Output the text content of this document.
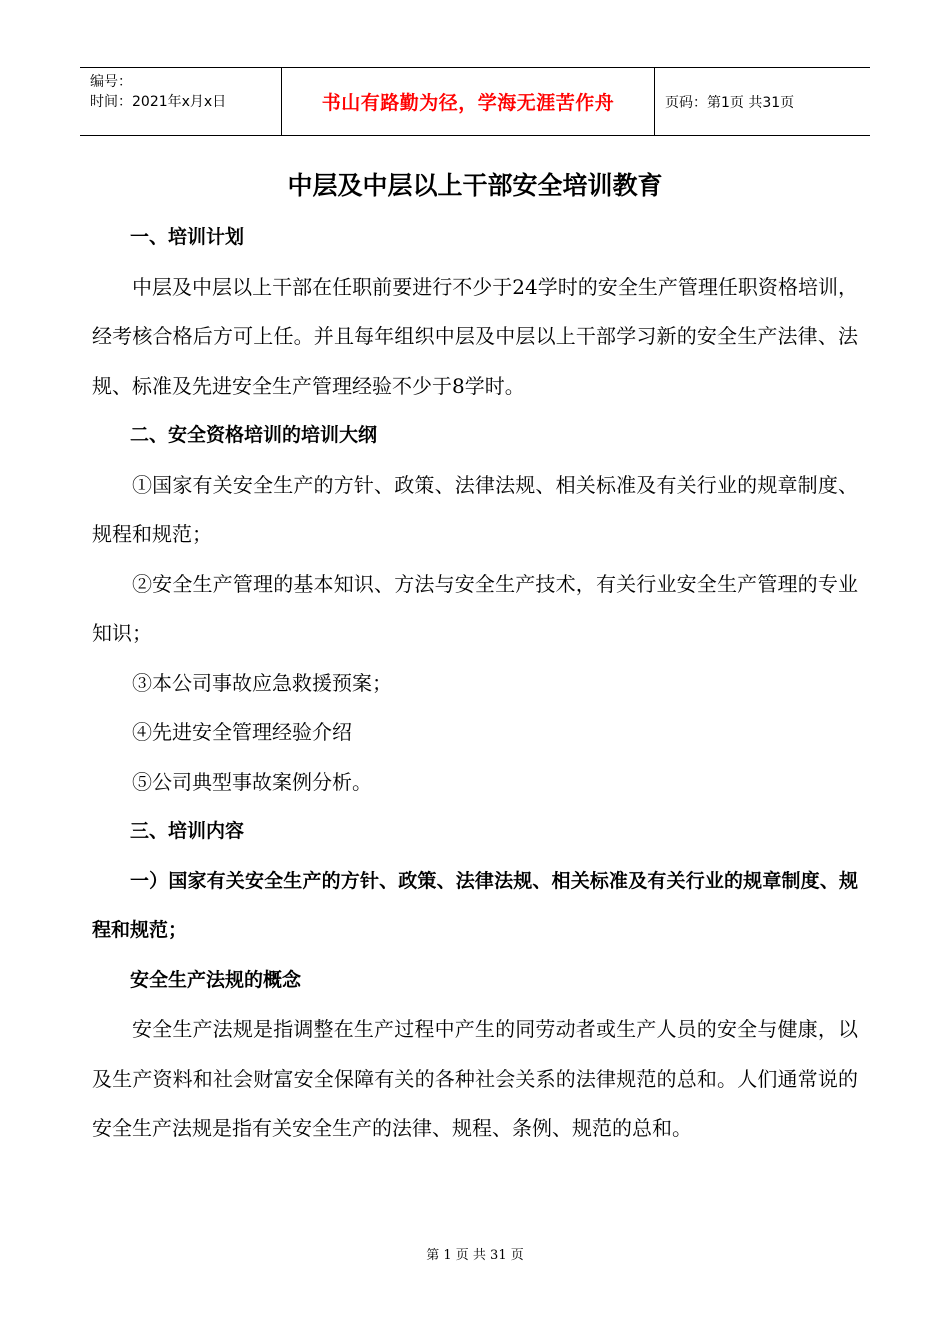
编号：
时间：2021年x月x日	书山有路勤为径，学海无涯苦作舟	页码：第1页 共31页
中层及中层以上干部安全培训教育

一、培训计划

中层及中层以上干部在任职前要进行不少于24学时的安全生产管理任职资格培训，经考核合格后方可上任。并且每年组织中层及中层以上干部学习新的安全生产法律、法规、标准及先进安全生产管理经验不少于8学时。

二、安全资格培训的培训大纲

①国家有关安全生产的方针、政策、法律法规、相关标准及有关行业的规章制度、规程和规范；

②安全生产管理的基本知识、方法与安全生产技术，有关行业安全生产管理的专业知识；

③本公司事故应急救援预案；

④先进安全管理经验介绍

⑤公司典型事故案例分析。

三、培训内容

一）国家有关安全生产的方针、政策、法律法规、相关标准及有关行业的规章制度、规程和规范；

安全生产法规的概念

安全生产法规是指调整在生产过程中产生的同劳动者或生产人员的安全与健康，以及生产资料和社会财富安全保障有关的各种社会关系的法律规范的总和。人们通常说的安全生产法规是指有关安全生产的法律、规程、条例、规范的总和。

第 1 页 共 31 页
